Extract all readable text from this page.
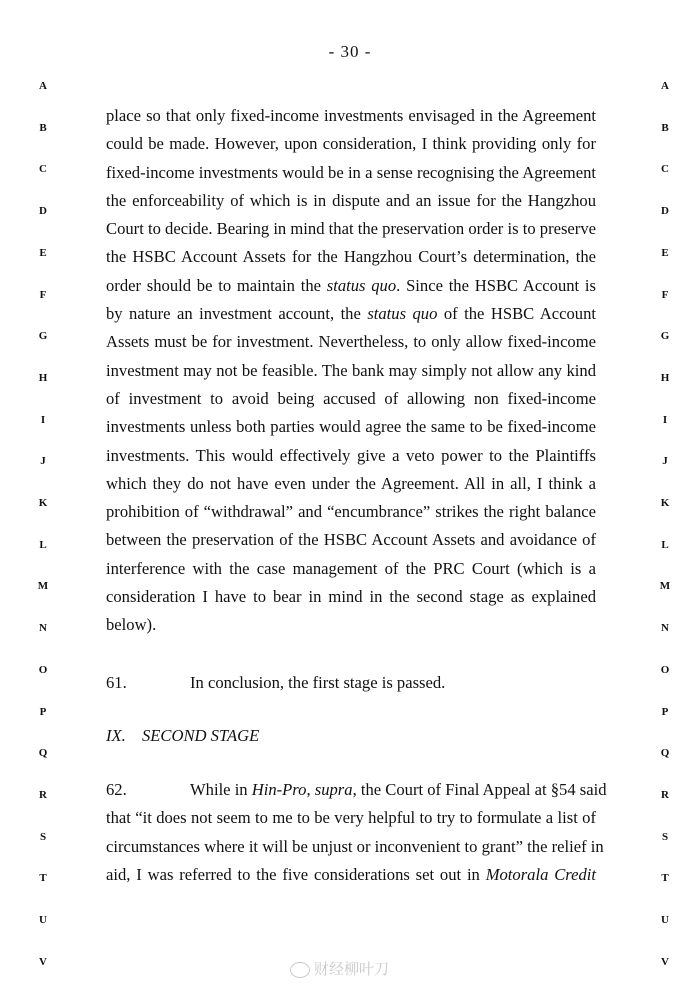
- 30 -
A
B
C
D
E
F
G
H
I
J
K
L
M
N
O
P
Q
R
S
T
U
V
A
B
C
D
E
F
G
H
I
J
K
L
M
N
O
P
Q
R
S
T
U
V
place so that only fixed-income investments envisaged in the Agreement
could be made. However, upon consideration, I think providing only for
fixed-income investments would be in a sense recognising the Agreement
the enforceability of which is in dispute and an issue for the Hangzhou
Court to decide. Bearing in mind that the preservation order is to preserve
the HSBC Account Assets for the Hangzhou Court’s determination, the
order should be to maintain the status quo. Since the HSBC Account is
by nature an investment account, the status quo of the HSBC Account
Assets must be for investment. Nevertheless, to only allow fixed-income
investment may not be feasible. The bank may simply not allow any kind
of investment to avoid being accused of allowing non fixed-income
investments unless both parties would agree the same to be fixed-income
investments. This would effectively give a veto power to the Plaintiffs
which they do not have even under the Agreement. All in all, I think a
prohibition of “withdrawal” and “encumbrance” strikes the right balance
between the preservation of the HSBC Account Assets and avoidance of
interference with the case management of the PRC Court (which is a
consideration I have to bear in mind in the second stage as explained
below).
61.	In conclusion, the first stage is passed.
IX. SECOND STAGE
62.	While in Hin-Pro, supra, the Court of Final Appeal at §54 said
that “it does not seem to me to be very helpful to try to formulate a list of
circumstances where it will be unjust or inconvenient to grant” the relief in
aid, I was referred to the five considerations set out in Motorala Credit
财经柳叶刀
